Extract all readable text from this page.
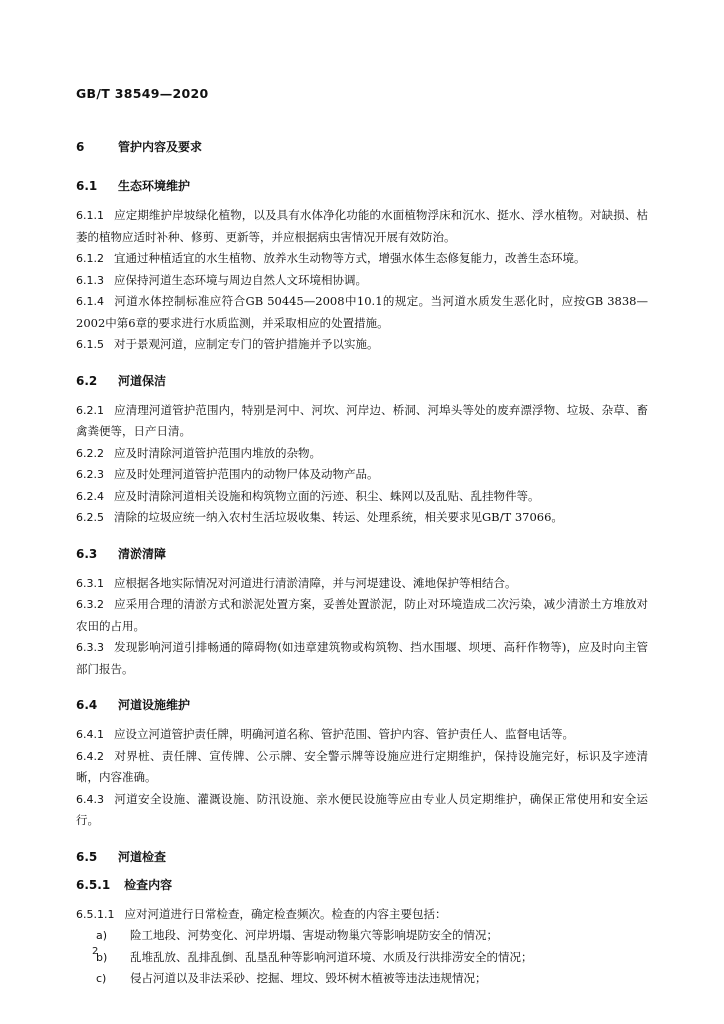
GB/T 38549—2020
6	管护内容及要求
6.1 生态环境维护
6.1.1 应定期维护岸坡绿化植物，以及具有水体净化功能的水面植物浮床和沉水、挺水、浮水植物。对缺损、枯萎的植物应适时补种、修剪、更新等，并应根据病虫害情况开展有效防治。
6.1.2 宜通过种植适宜的水生植物、放养水生动物等方式，增强水体生态修复能力，改善生态环境。
6.1.3 应保持河道生态环境与周边自然人文环境相协调。
6.1.4 河道水体控制标准应符合GB 50445—2008中10.1的规定。当河道水质发生恶化时，应按GB 3838—2002中第6章的要求进行水质监测，并采取相应的处置措施。
6.1.5 对于景观河道，应制定专门的管护措施并予以实施。
6.2 河道保洁
6.2.1 应清理河道管护范围内，特别是河中、河坎、河岸边、桥洞、河埠头等处的废弃漂浮物、垃圾、杂草、畜禽粪便等，日产日清。
6.2.2 应及时清除河道管护范围内堆放的杂物。
6.2.3 应及时处理河道管护范围内的动物尸体及动物产品。
6.2.4 应及时清除河道相关设施和构筑物立面的污迹、积尘、蛛网以及乱贴、乱挂物件等。
6.2.5 清除的垃圾应统一纳入农村生活垃圾收集、转运、处理系统，相关要求见GB/T 37066。
6.3 清淤清障
6.3.1 应根据各地实际情况对河道进行清淤清障，并与河堤建设、滩地保护等相结合。
6.3.2 应采用合理的清淤方式和淤泥处置方案，妥善处置淤泥，防止对环境造成二次污染，减少清淤土方堆放对农田的占用。
6.3.3 发现影响河道引排畅通的障碍物(如违章建筑物或构筑物、挡水围堰、坝埂、高秆作物等)，应及时向主管部门报告。
6.4 河道设施维护
6.4.1 应设立河道管护责任牌，明确河道名称、管护范围、管护内容、管护责任人、监督电话等。
6.4.2 对界桩、责任牌、宣传牌、公示牌、安全警示牌等设施应进行定期维护，保持设施完好，标识及字迹清晰，内容准确。
6.4.3 河道安全设施、灌溉设施、防汛设施、亲水便民设施等应由专业人员定期维护，确保正常使用和安全运行。
6.5 河道检查
6.5.1 检查内容
6.5.1.1 应对河道进行日常检查，确定检查频次。检查的内容主要包括：
a) 险工地段、河势变化、河岸坍塌、害堤动物巢穴等影响堤防安全的情况；
b) 乱堆乱放、乱排乱倒、乱垦乱种等影响河道环境、水质及行洪排涝安全的情况；
c) 侵占河道以及非法采砂、挖掘、埋坟、毁坏树木植被等违法违规情况；
2
